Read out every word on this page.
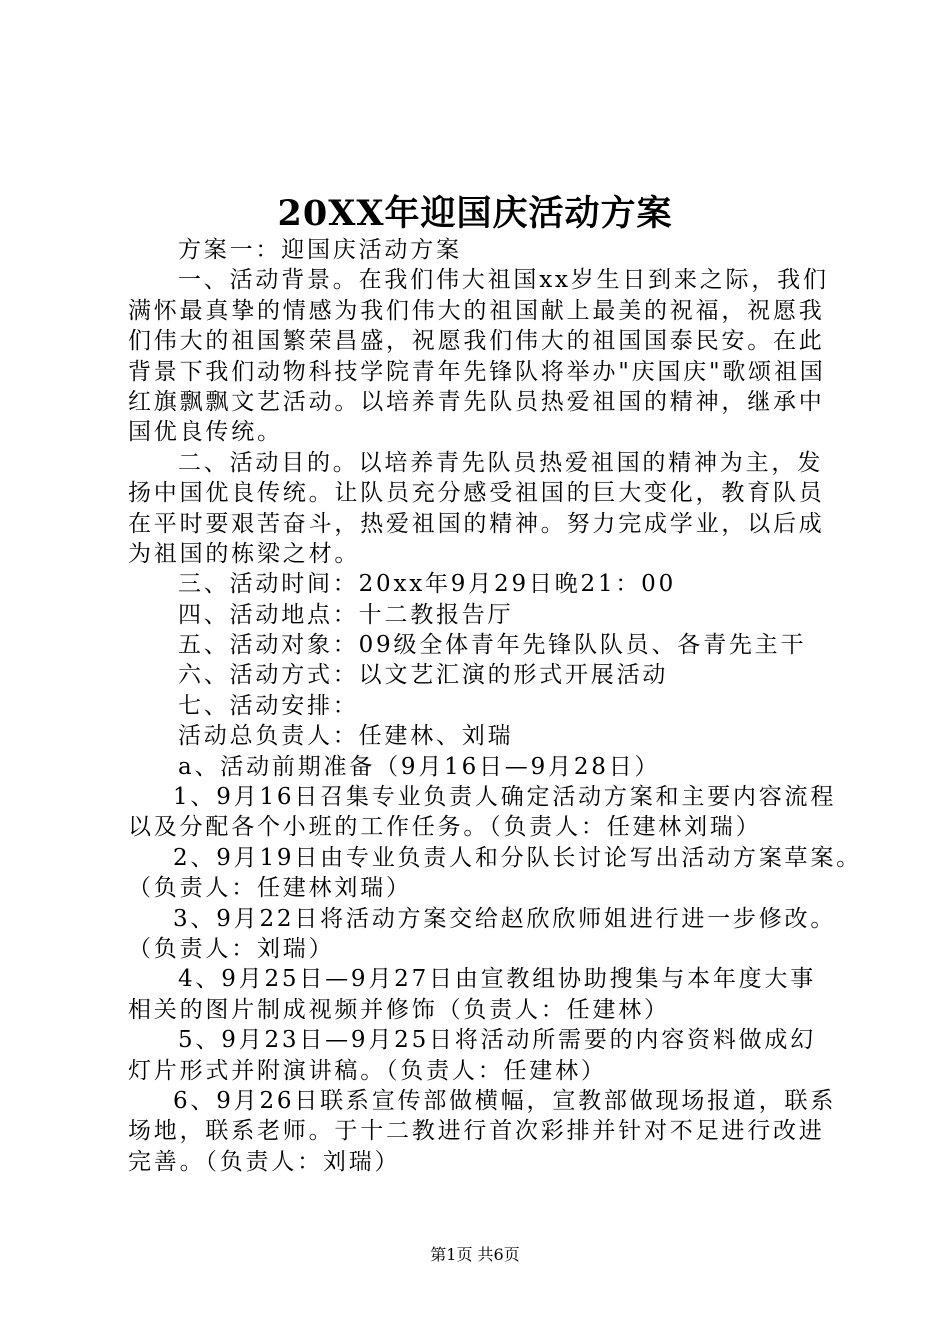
20XX年迎国庆活动方案
方案一：迎国庆活动方案
一、活动背景。在我们伟大祖国xx岁生日到来之际，我们
满怀最真挚的情感为我们伟大的祖国献上最美的祝福，祝愿我
们伟大的祖国繁荣昌盛，祝愿我们伟大的祖国国泰民安。在此
背景下我们动物科技学院青年先锋队将举办"庆国庆"歌颂祖国
红旗飘飘文艺活动。以培养青先队员热爱祖国的精神，继承中
国优良传统。
二、活动目的。以培养青先队员热爱祖国的精神为主，发
扬中国优良传统。让队员充分感受祖国的巨大变化，教育队员
在平时要艰苦奋斗，热爱祖国的精神。努力完成学业，以后成
为祖国的栋梁之材。
三、活动时间：20xx年9月29日晚21：00
四、活动地点：十二教报告厅
五、活动对象：09级全体青年先锋队队员、各青先主干
六、活动方式：以文艺汇演的形式开展活动
七、活动安排：
活动总负责人：任建林、刘瑞
a、活动前期准备（9月16日—9月28日）
1、9月16日召集专业负责人确定活动方案和主要内容流程
以及分配各个小班的工作任务。（负责人：任建林刘瑞）
2、9月19日由专业负责人和分队长讨论写出活动方案草案。
（负责人：任建林刘瑞）
3、9月22日将活动方案交给赵欣欣师姐进行进一步修改。
（负责人：刘瑞）
4、9月25日—9月27日由宣教组协助搜集与本年度大事
相关的图片制成视频并修饰（负责人：任建林）
5、9月23日—9月25日将活动所需要的内容资料做成幻
灯片形式并附演讲稿。（负责人：任建林）
6、9月26日联系宣传部做横幅，宣教部做现场报道，联系
场地，联系老师。于十二教进行首次彩排并针对不足进行改进
完善。（负责人：刘瑞）
第1页 共6页
